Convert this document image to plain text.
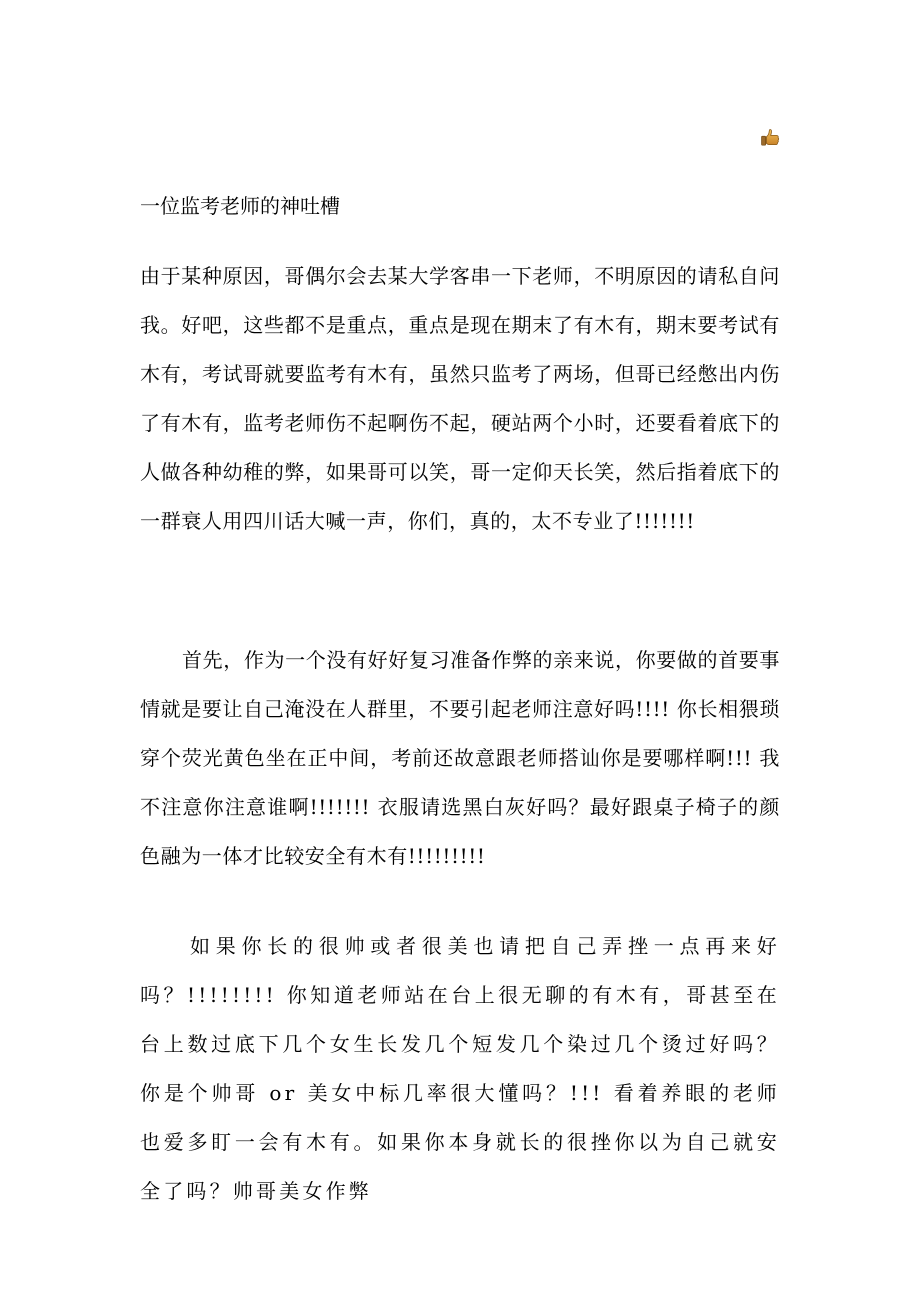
一位监考老师的神吐槽

由于某种原因，哥偶尔会去某大学客串一下老师，不明原因的请私自问我。好吧，这些都不是重点，重点是现在期末了有木有，期末要考试有木有，考试哥就要监考有木有，虽然只监考了两场，但哥已经憋出内伤了有木有，监考老师伤不起啊伤不起，硬站两个小时，还要看着底下的人做各种幼稚的弊，如果哥可以笑，哥一定仰天长笑，然后指着底下的一群衰人用四川话大喊一声，你们，真的，太不专业了!!!!!!!

首先，作为一个没有好好复习准备作弊的亲来说，你要做的首要事情就是要让自己淹没在人群里，不要引起老师注意好吗!!!! 你长相猥琐穿个荧光黄色坐在正中间，考前还故意跟老师搭讪你是要哪样啊!!! 我不注意你注意谁啊!!!!!!! 衣服请选黑白灰好吗？最好跟桌子椅子的颜色融为一体才比较安全有木有!!!!!!!!!

如果你长的很帅或者很美也请把自己弄挫一点再来好吗？!!!!!!!! 你知道老师站在台上很无聊的有木有，哥甚至在台上数过底下几个女生长发几个短发几个染过几个烫过好吗？你是个帅哥 or 美女中标几率很大懂吗？!!! 看着养眼的老师也爱多盯一会有木有。如果你本身就长的很挫你以为自己就安全了吗？帅哥美女作弊
